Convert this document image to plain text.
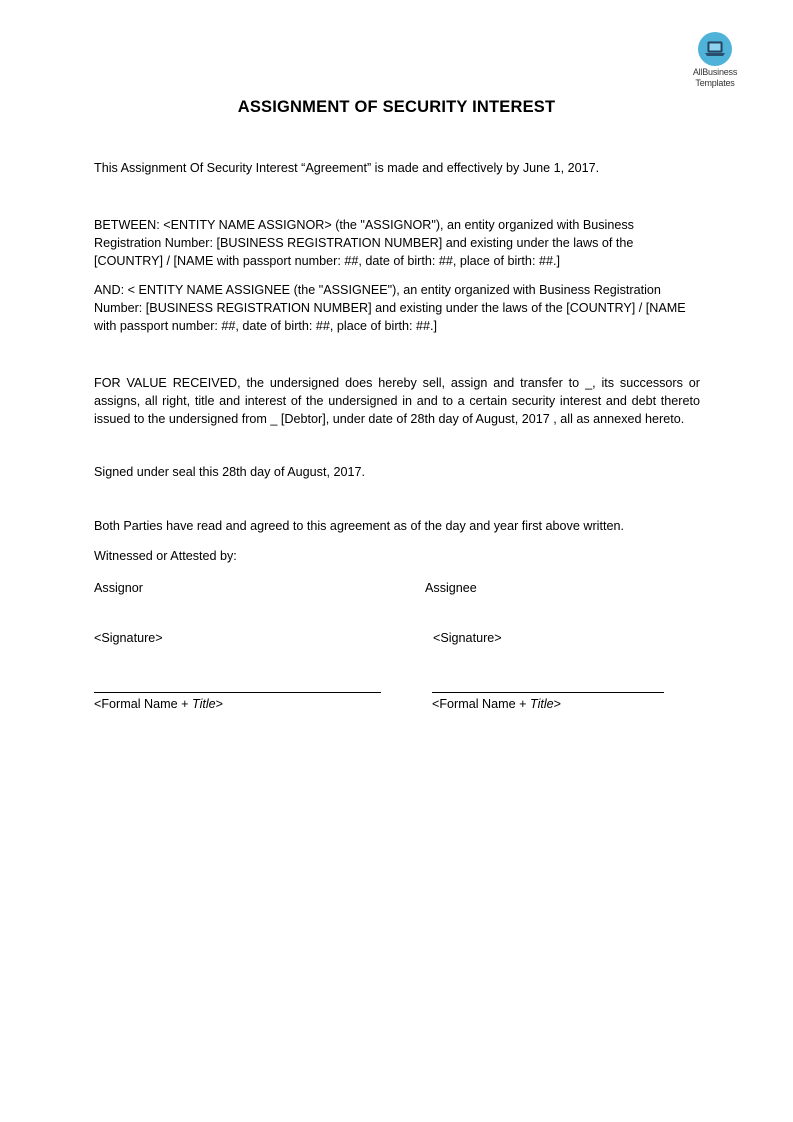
AllBusiness
Templates
ASSIGNMENT OF SECURITY INTEREST

This Assignment Of Security Interest “Agreement” is made and effectively by June 1, 2017.

BETWEEN: <ENTITY NAME ASSIGNOR> (the "ASSIGNOR"), an entity organized with Business Registration Number: [BUSINESS REGISTRATION NUMBER] and existing under the laws of the [COUNTRY] / [NAME with passport number: ##, date of birth: ##, place of birth: ##.]

AND: < ENTITY NAME ASSIGNEE (the "ASSIGNEE"), an entity organized with Business Registration Number: [BUSINESS REGISTRATION NUMBER] and existing under the laws of the [COUNTRY] / [NAME with passport number: ##, date of birth: ##, place of birth: ##.]

FOR VALUE RECEIVED, the undersigned does hereby sell, assign and transfer to _, its successors or assigns, all right, title and interest of the undersigned in and to a certain security interest and debt thereto issued to the undersigned from _ [Debtor], under date of 28th day of August, 2017 , all as annexed hereto.

Signed under seal this 28th day of August, 2017.

Both Parties have read and agreed to this agreement as of the day and year first above written.

Witnessed or Attested by:

Assignor	Assignee
<Signature>	<Signature>
<Formal Name + Title>	<Formal Name + Title>
